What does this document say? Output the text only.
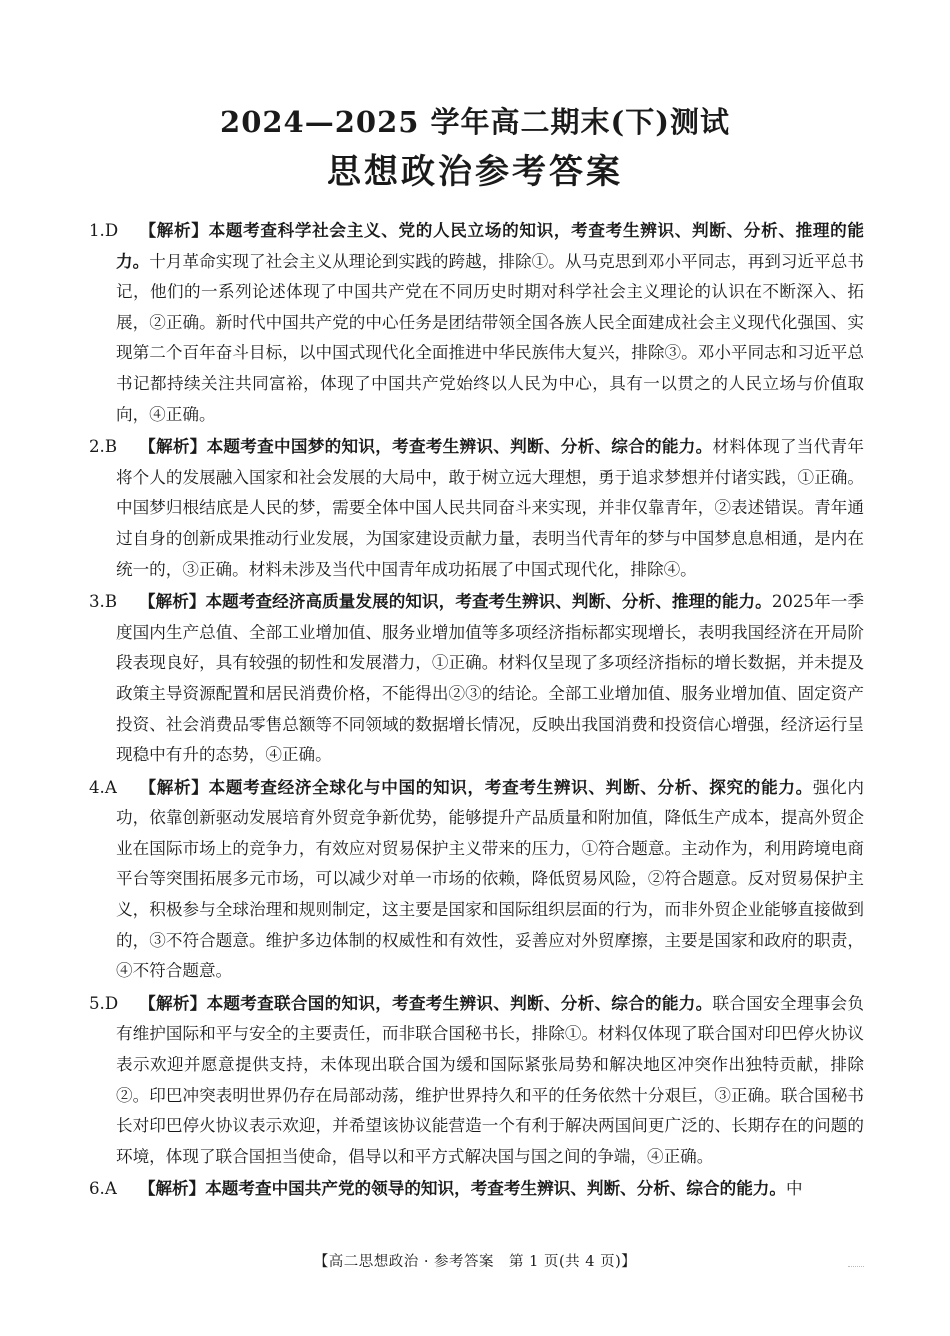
2024—2025 学年高二期末(下)测试
思想政治参考答案

1.D 【解析】本题考查科学社会主义、党的人民立场的知识，考查考生辨识、判断、分析、推理的能力。十月革命实现了社会主义从理论到实践的跨越，排除①。从马克思到邓小平同志，再到习近平总书记，他们的一系列论述体现了中国共产党在不同历史时期对科学社会主义理论的认识在不断深入、拓展，②正确。新时代中国共产党的中心任务是团结带领全国各族人民全面建成社会主义现代化强国、实现第二个百年奋斗目标，以中国式现代化全面推进中华民族伟大复兴，排除③。邓小平同志和习近平总书记都持续关注共同富裕，体现了中国共产党始终以人民为中心，具有一以贯之的人民立场与价值取向，④正确。

2.B 【解析】本题考查中国梦的知识，考查考生辨识、判断、分析、综合的能力。材料体现了当代青年将个人的发展融入国家和社会发展的大局中，敢于树立远大理想，勇于追求梦想并付诸实践，①正确。中国梦归根结底是人民的梦，需要全体中国人民共同奋斗来实现，并非仅靠青年，②表述错误。青年通过自身的创新成果推动行业发展，为国家建设贡献力量，表明当代青年的梦与中国梦息息相通，是内在统一的，③正确。材料未涉及当代中国青年成功拓展了中国式现代化，排除④。

3.B 【解析】本题考查经济高质量发展的知识，考查考生辨识、判断、分析、推理的能力。2025年一季度国内生产总值、全部工业增加值、服务业增加值等多项经济指标都实现增长，表明我国经济在开局阶段表现良好，具有较强的韧性和发展潜力，①正确。材料仅呈现了多项经济指标的增长数据，并未提及政策主导资源配置和居民消费价格，不能得出②③的结论。全部工业增加值、服务业增加值、固定资产投资、社会消费品零售总额等不同领域的数据增长情况，反映出我国消费和投资信心增强，经济运行呈现稳中有升的态势，④正确。

4.A 【解析】本题考查经济全球化与中国的知识，考查考生辨识、判断、分析、探究的能力。强化内功，依靠创新驱动发展培育外贸竞争新优势，能够提升产品质量和附加值，降低生产成本，提高外贸企业在国际市场上的竞争力，有效应对贸易保护主义带来的压力，①符合题意。主动作为，利用跨境电商平台等突围拓展多元市场，可以减少对单一市场的依赖，降低贸易风险，②符合题意。反对贸易保护主义，积极参与全球治理和规则制定，这主要是国家和国际组织层面的行为，而非外贸企业能够直接做到的，③不符合题意。维护多边体制的权威性和有效性，妥善应对外贸摩擦，主要是国家和政府的职责，④不符合题意。

5.D 【解析】本题考查联合国的知识，考查考生辨识、判断、分析、综合的能力。联合国安全理事会负有维护国际和平与安全的主要责任，而非联合国秘书长，排除①。材料仅体现了联合国对印巴停火协议表示欢迎并愿意提供支持，未体现出联合国为缓和国际紧张局势和解决地区冲突作出独特贡献，排除②。印巴冲突表明世界仍存在局部动荡，维护世界持久和平的任务依然十分艰巨，③正确。联合国秘书长对印巴停火协议表示欢迎，并希望该协议能营造一个有利于解决两国间更广泛的、长期存在的问题的环境，体现了联合国担当使命，倡导以和平方式解决国与国之间的争端，④正确。

6.A 【解析】本题考查中国共产党的领导的知识，考查考生辨识、判断、分析、综合的能力。中

【高二思想政治 · 参考答案　第 1 页(共 4 页)】
